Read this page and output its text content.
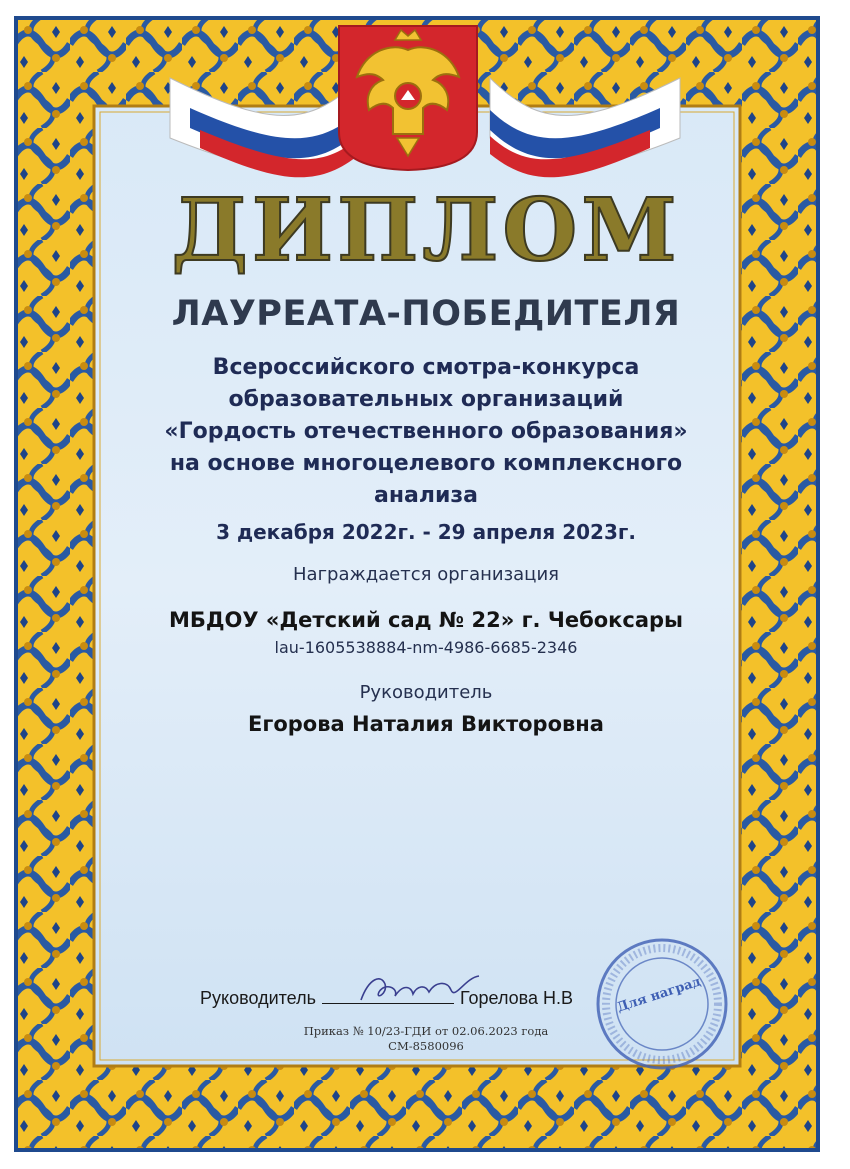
ДИПЛОМ
ЛАУРЕАТА-ПОБЕДИТЕЛЯ
Всероссийского смотра-конкурса
образовательных организаций
«Гордость отечественного образования»
на основе многоцелевого комплексного
анализа
3 декабря 2022г. - 29 апреля 2023г.
Награждается организация
МБДОУ «Детский сад № 22» г. Чебоксары
lau-1605538884-nm-4986-6685-2346
Руководитель
Егорова Наталия Викторовна
Руководитель	Горелова Н.В
Приказ № 10/23-ГДИ от 02.06.2023 года
СМ-8580096
Для наград
